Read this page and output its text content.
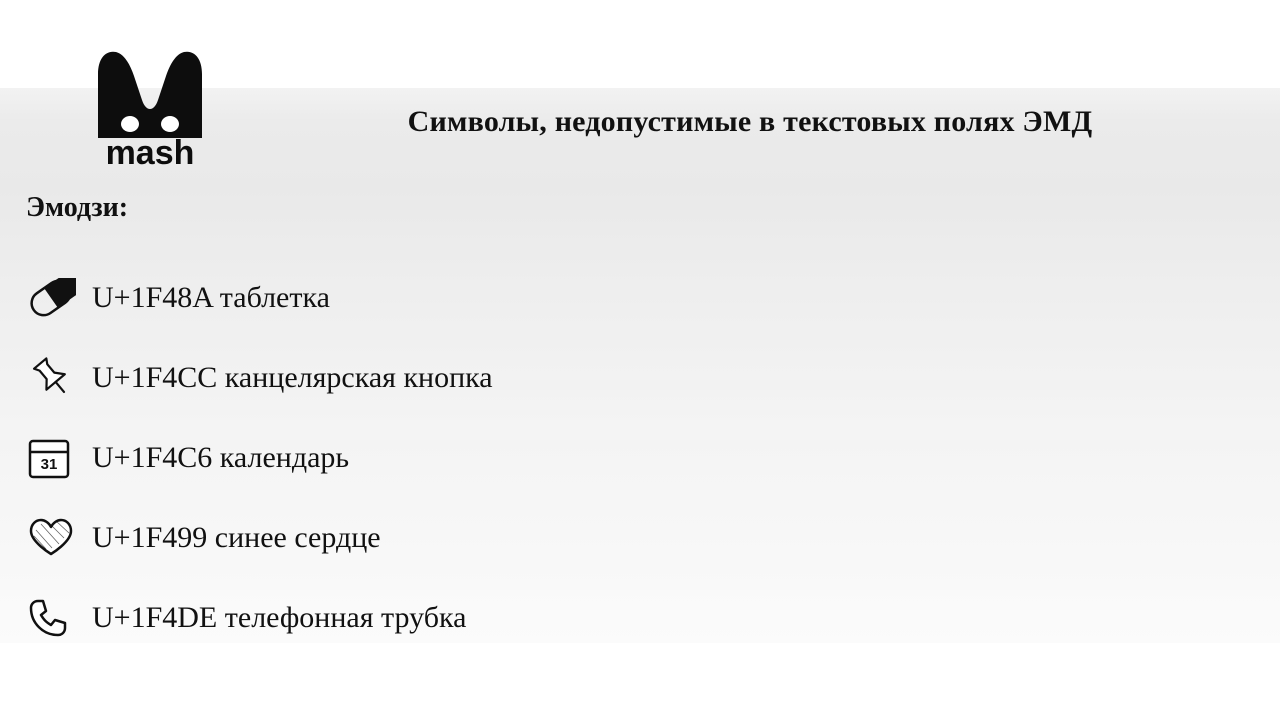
mash
Символы, недопустимые в текстовых полях ЭМД
Эмодзи:
U+1F48A таблетка
U+1F4CC канцелярская кнопка
31 U+1F4C6 календарь
U+1F499 синее сердце
U+1F4DE телефонная трубка
